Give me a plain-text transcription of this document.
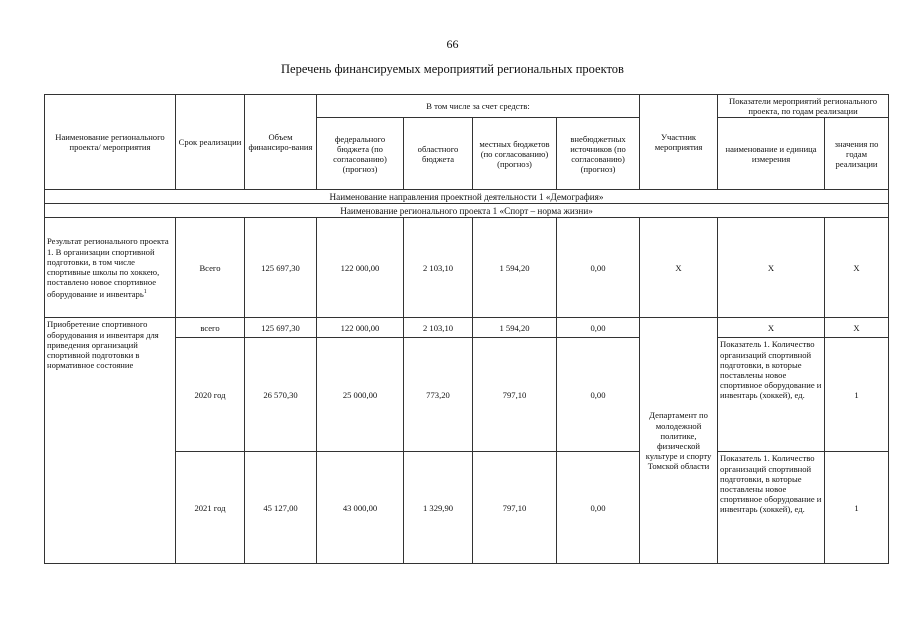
66
Перечень финансируемых мероприятий региональных проектов
Наименование регионального проекта/ мероприятия	Срок реализации	Объем финансиро-вания	В том числе за счет средств:				Участник мероприятия	Показатели мероприятий регионального проекта, по годам реализации	
			федерального бюджета (по согласованию) (прогноз)	областного бюджета	местных бюджетов (по согласованию) (прогноз)	внебюджетных источников (по согласованию) (прогноз)		наименование и единица измерения	значения по годам реализации
Наименование направления проектной деятельности 1 «Демография»									
Наименование регионального проекта 1 «Спорт – норма жизни»									
Результат регионального проекта 1. В организации спортивной подготовки, в том числе спортивные школы по хоккею, поставлено новое спортивное оборудование и инвентарь$^1$	Всего	125 697,30	122 000,00	2 103,10	1 594,20	0,00	X	X	X
Приобретение спортивного оборудования и инвентаря для приведения организаций спортивной подготовки в нормативное состояние	всего	125 697,30	122 000,00	2 103,10	1 594,20	0,00	Департамент по молодежной политике, физической культуре и спорту Томской области	X	X
	2020 год	26 570,30	25 000,00	773,20	797,10	0,00		Показатель 1. Количество организаций спортивной подготовки, в которые поставлены новое спортивное оборудование и инвентарь (хоккей), ед.	1
	2021 год	45 127,00	43 000,00	1 329,90	797,10	0,00		Показатель 1. Количество организаций спортивной подготовки, в которые поставлены новое спортивное оборудование и инвентарь (хоккей), ед.	1
